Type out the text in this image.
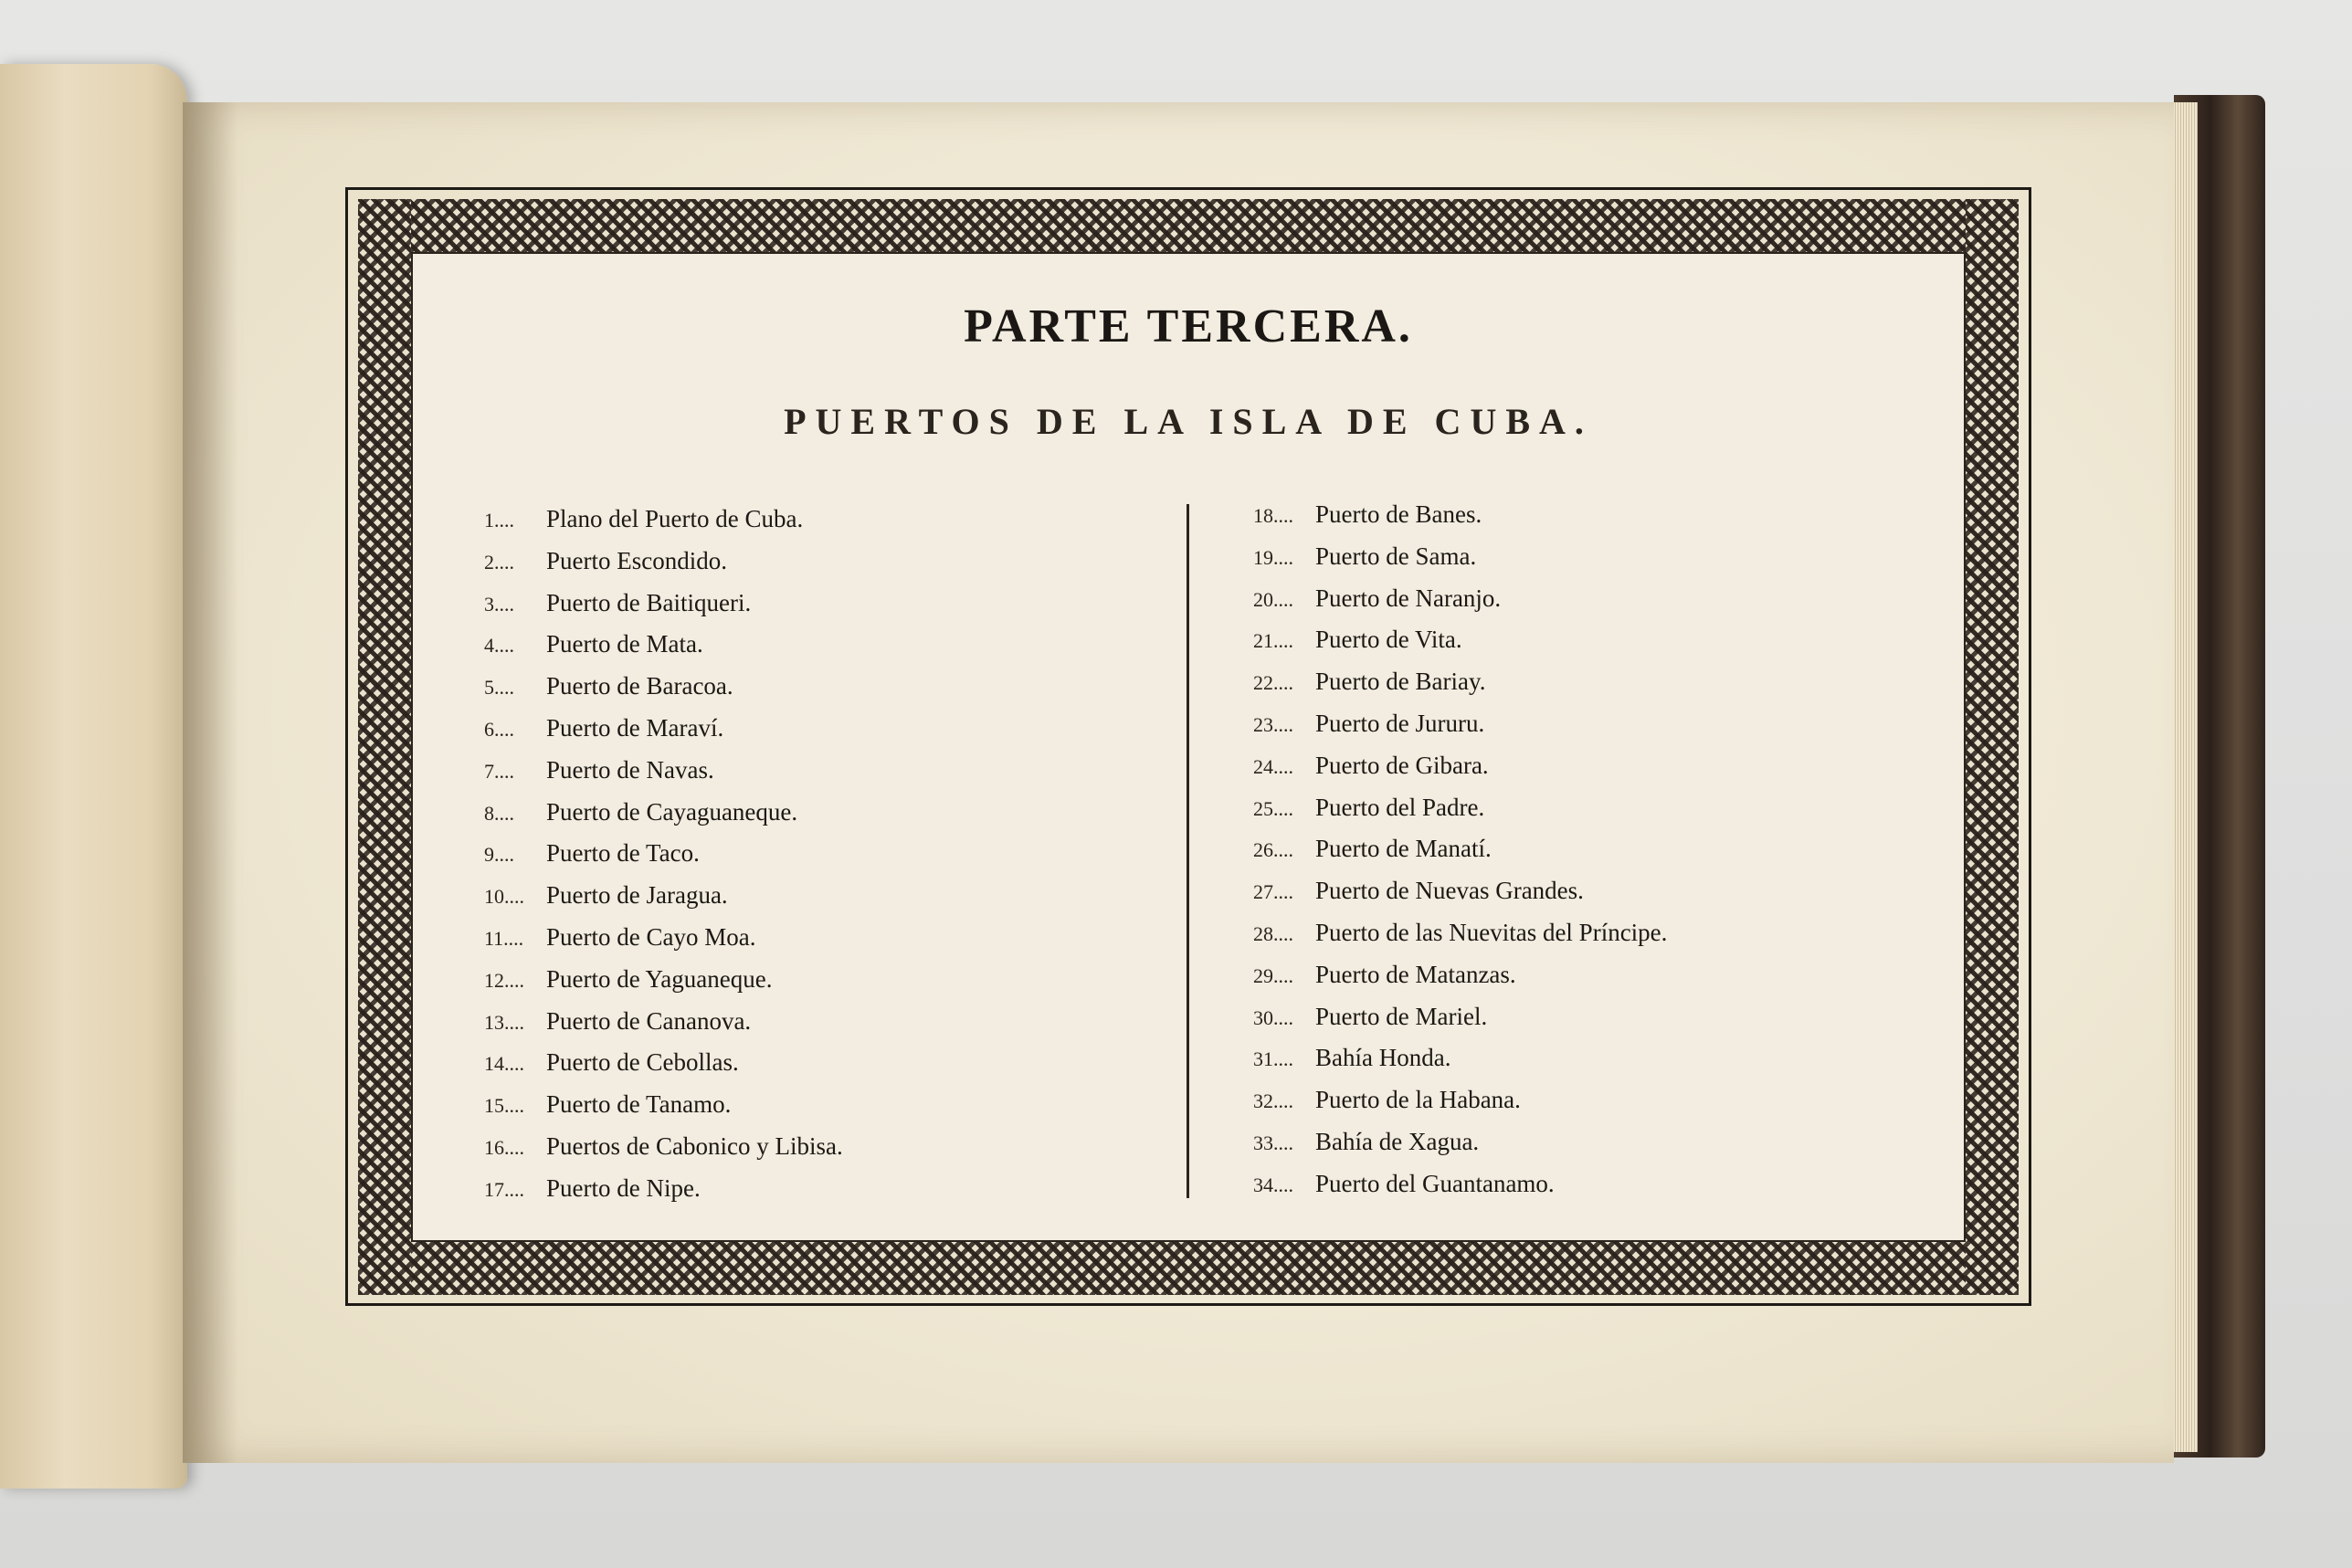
PARTE TERCERA.
PUERTOS DE LA ISLA DE CUBA.
1.... Plano del Puerto de Cuba.
2.... Puerto Escondido.
3.... Puerto de Baitiqueri.
4.... Puerto de Mata.
5.... Puerto de Baracoa.
6.... Puerto de Maraví.
7.... Puerto de Navas.
8.... Puerto de Cayaguaneque.
9.... Puerto de Taco.
10.... Puerto de Jaragua.
11.... Puerto de Cayo Moa.
12.... Puerto de Yaguaneque.
13.... Puerto de Cananova.
14.... Puerto de Cebollas.
15.... Puerto de Tanamo.
16.... Puertos de Cabonico y Libisa.
17.... Puerto de Nipe.
18.... Puerto de Banes.
19.... Puerto de Sama.
20.... Puerto de Naranjo.
21.... Puerto de Vita.
22.... Puerto de Bariay.
23.... Puerto de Jururu.
24.... Puerto de Gibara.
25.... Puerto del Padre.
26.... Puerto de Manatí.
27.... Puerto de Nuevas Grandes.
28.... Puerto de las Nuevitas del Príncipe.
29.... Puerto de Matanzas.
30.... Puerto de Mariel.
31.... Bahía Honda.
32.... Puerto de la Habana.
33.... Bahía de Xagua.
34.... Puerto del Guantanamo.
